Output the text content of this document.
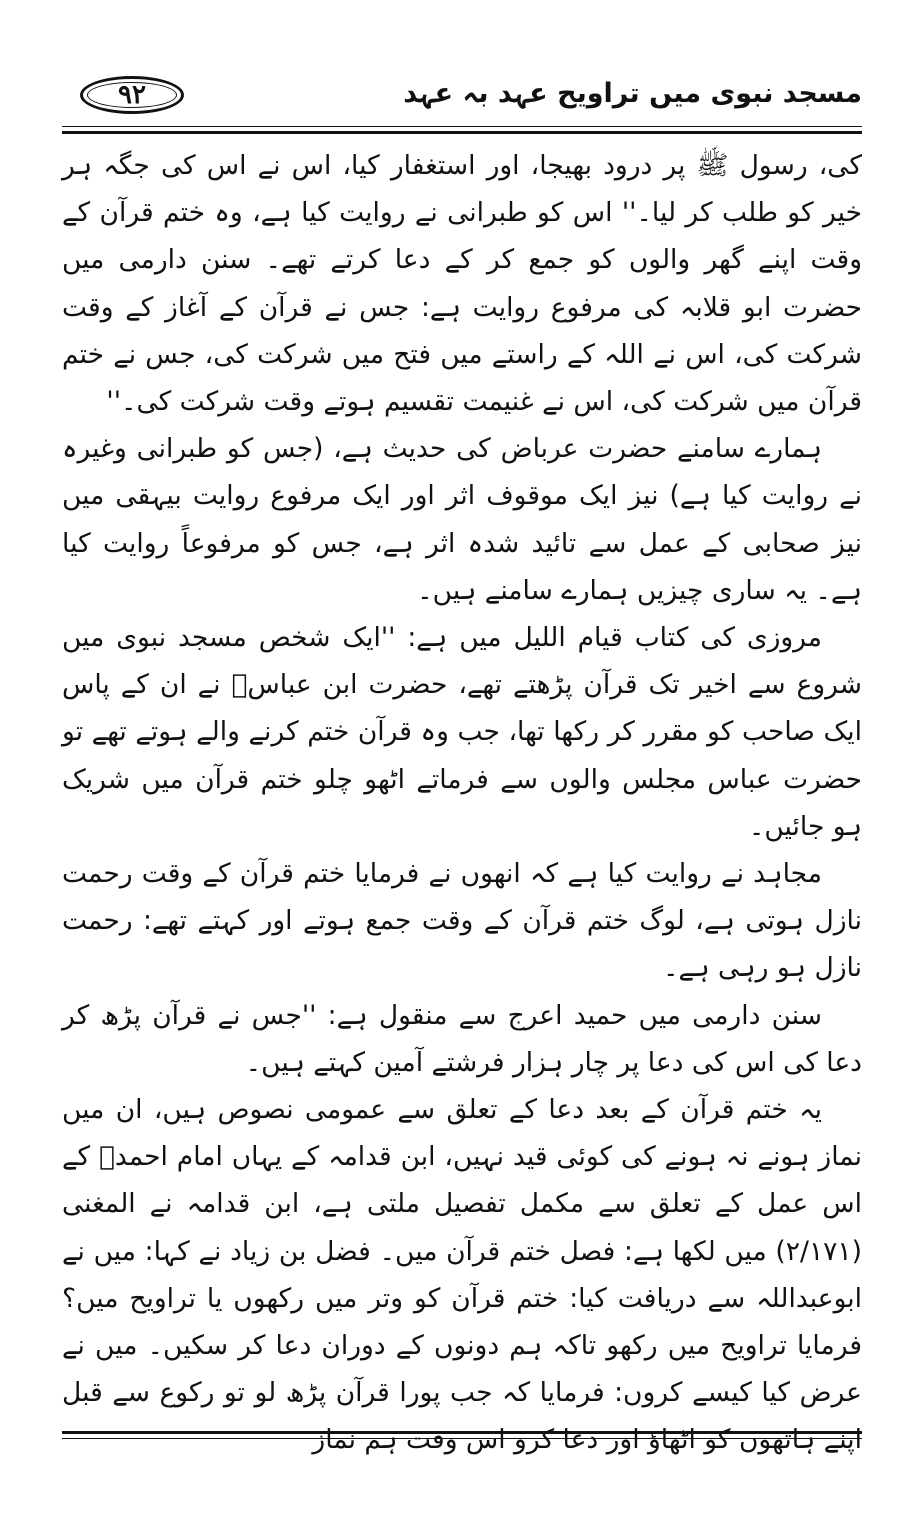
۹۲	مسجد نبوی میں تراویح عہد بہ عہد

کی، رسول ﷺ پر درود بھیجا، اور استغفار کیا، اس نے اس کی جگہ ہر خیر کو طلب کر لیا۔'' اس کو طبرانی نے روایت کیا ہے، وہ ختم قرآن کے وقت اپنے گھر والوں کو جمع کر کے دعا کرتے تھے۔ سنن دارمی میں حضرت ابو قلابہ کی مرفوع روایت ہے: جس نے قرآن کے آغاز کے وقت شرکت کی، اس نے اللہ کے راستے میں فتح میں شرکت کی، جس نے ختم قرآن میں شرکت کی، اس نے غنیمت تقسیم ہوتے وقت شرکت کی۔''

ہمارے سامنے حضرت عرباض کی حدیث ہے، (جس کو طبرانی وغیرہ نے روایت کیا ہے) نیز ایک موقوف اثر اور ایک مرفوع روایت بیہقی میں نیز صحابی کے عمل سے تائید شدہ اثر ہے، جس کو مرفوعاً روایت کیا ہے۔ یہ ساری چیزیں ہمارے سامنے ہیں۔

مروزی کی کتاب قیام اللیل میں ہے: ''ایک شخص مسجد نبوی میں شروع سے اخیر تک قرآن پڑھتے تھے، حضرت ابن عباسؓ نے ان کے پاس ایک صاحب کو مقرر کر رکھا تھا، جب وہ قرآن ختم کرنے والے ہوتے تھے تو حضرت عباس مجلس والوں سے فرماتے اٹھو چلو ختم قرآن میں شریک ہو جائیں۔

مجاہد نے روایت کیا ہے کہ انھوں نے فرمایا ختم قرآن کے وقت رحمت نازل ہوتی ہے، لوگ ختم قرآن کے وقت جمع ہوتے اور کہتے تھے: رحمت نازل ہو رہی ہے۔

سنن دارمی میں حمید اعرج سے منقول ہے: ''جس نے قرآن پڑھ کر دعا کی اس کی دعا پر چار ہزار فرشتے آمین کہتے ہیں۔

یہ ختم قرآن کے بعد دعا کے تعلق سے عمومی نصوص ہیں، ان میں نماز ہونے نہ ہونے کی کوئی قید نہیں، ابن قدامہ کے یہاں امام احمدؒ کے اس عمل کے تعلق سے مکمل تفصیل ملتی ہے، ابن قدامہ نے المغنی (۲/۱۷۱) میں لکھا ہے: فصل ختم قرآن میں۔ فضل بن زیاد نے کہا: میں نے ابوعبداللہ سے دریافت کیا: ختم قرآن کو وتر میں رکھوں یا تراویح میں؟ فرمایا تراویح میں رکھو تاکہ ہم دونوں کے دوران دعا کر سکیں۔ میں نے عرض کیا کیسے کروں: فرمایا کہ جب پورا قرآن پڑھ لو تو رکوع سے قبل اپنے ہاتھوں کو اٹھاؤ اور دعا کرو اس وقت ہم نماز
